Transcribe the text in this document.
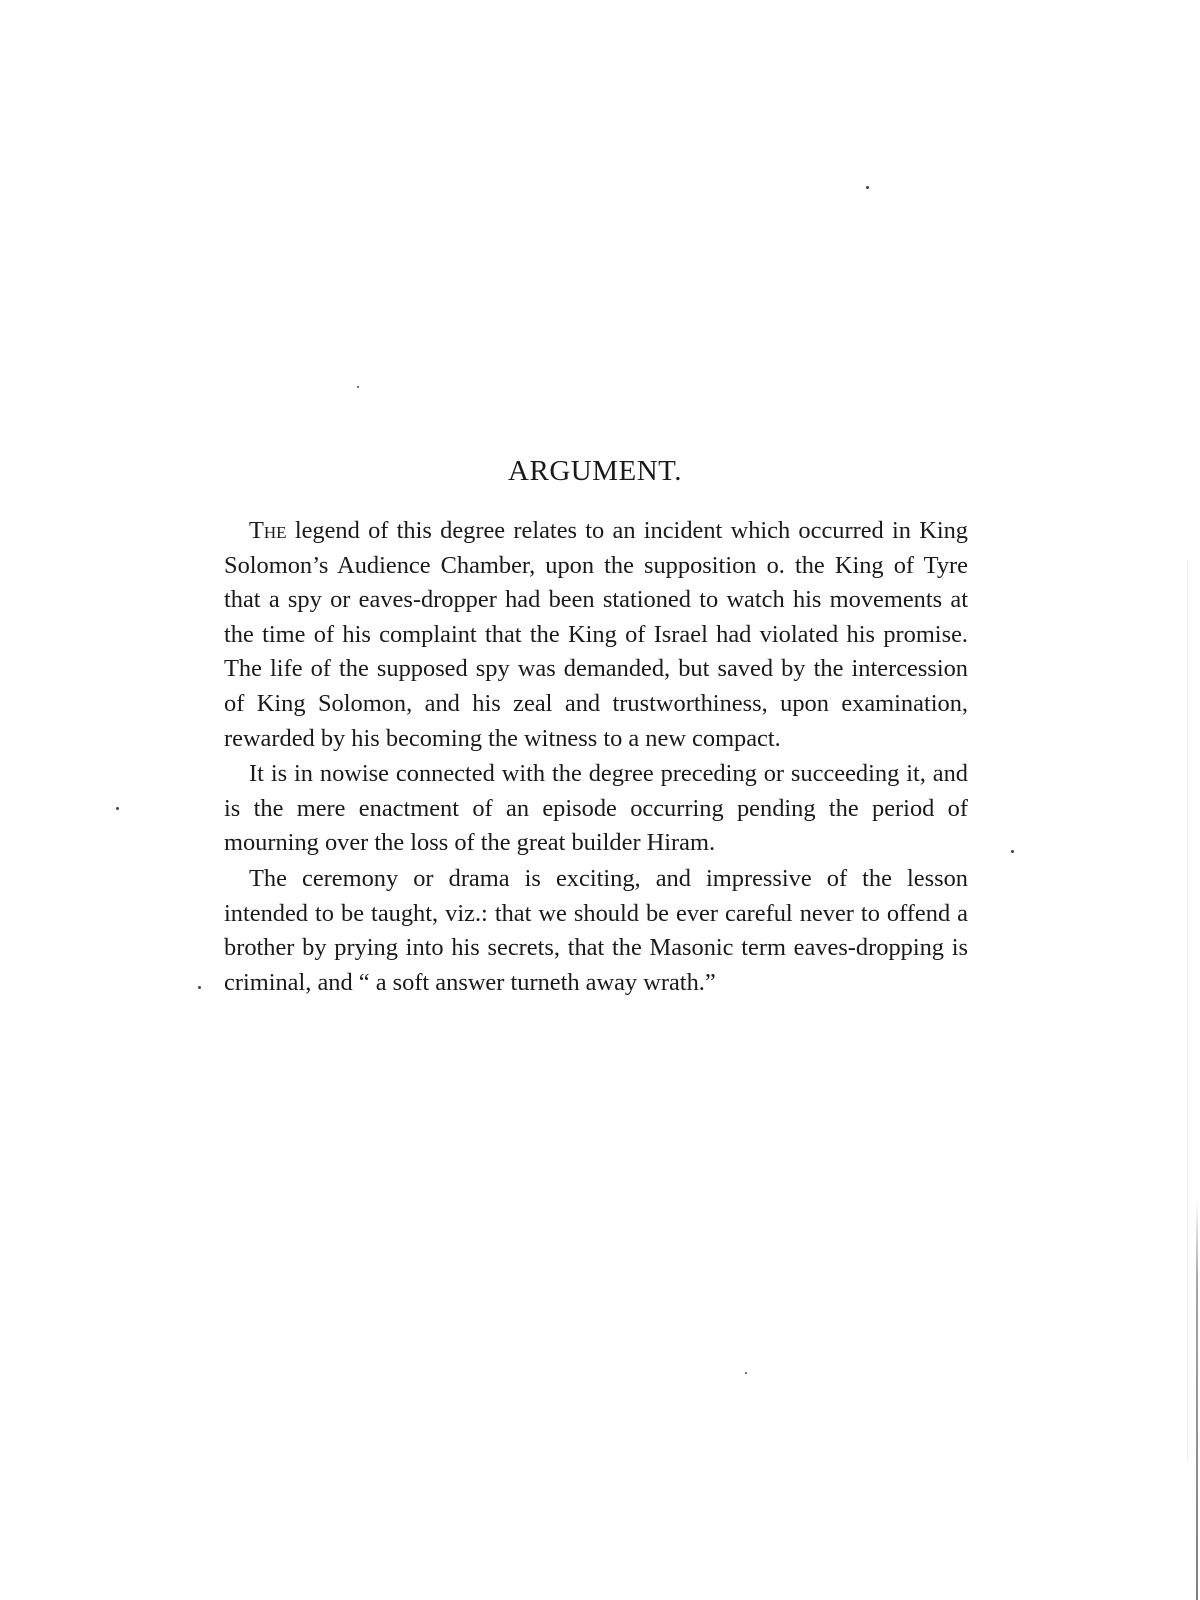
ARGUMENT.

The legend of this degree relates to an incident which occurred in King Solomon’s Audience Chamber, upon the supposition o. the King of Tyre that a spy or eaves-dropper had been stationed to watch his movements at the time of his complaint that the King of Israel had violated his promise. The life of the supposed spy was demanded, but saved by the intercession of King Solomon, and his zeal and trustworthiness, upon examination, rewarded by his becoming the witness to a new compact.

It is in nowise connected with the degree preceding or succeeding it, and is the mere enactment of an episode occurring pending the period of mourning over the loss of the great builder Hiram.

The ceremony or drama is exciting, and impressive of the lesson intended to be taught, viz.: that we should be ever careful never to offend a brother by prying into his secrets, that the Masonic term eaves-dropping is criminal, and “ a soft answer turneth away wrath.”
